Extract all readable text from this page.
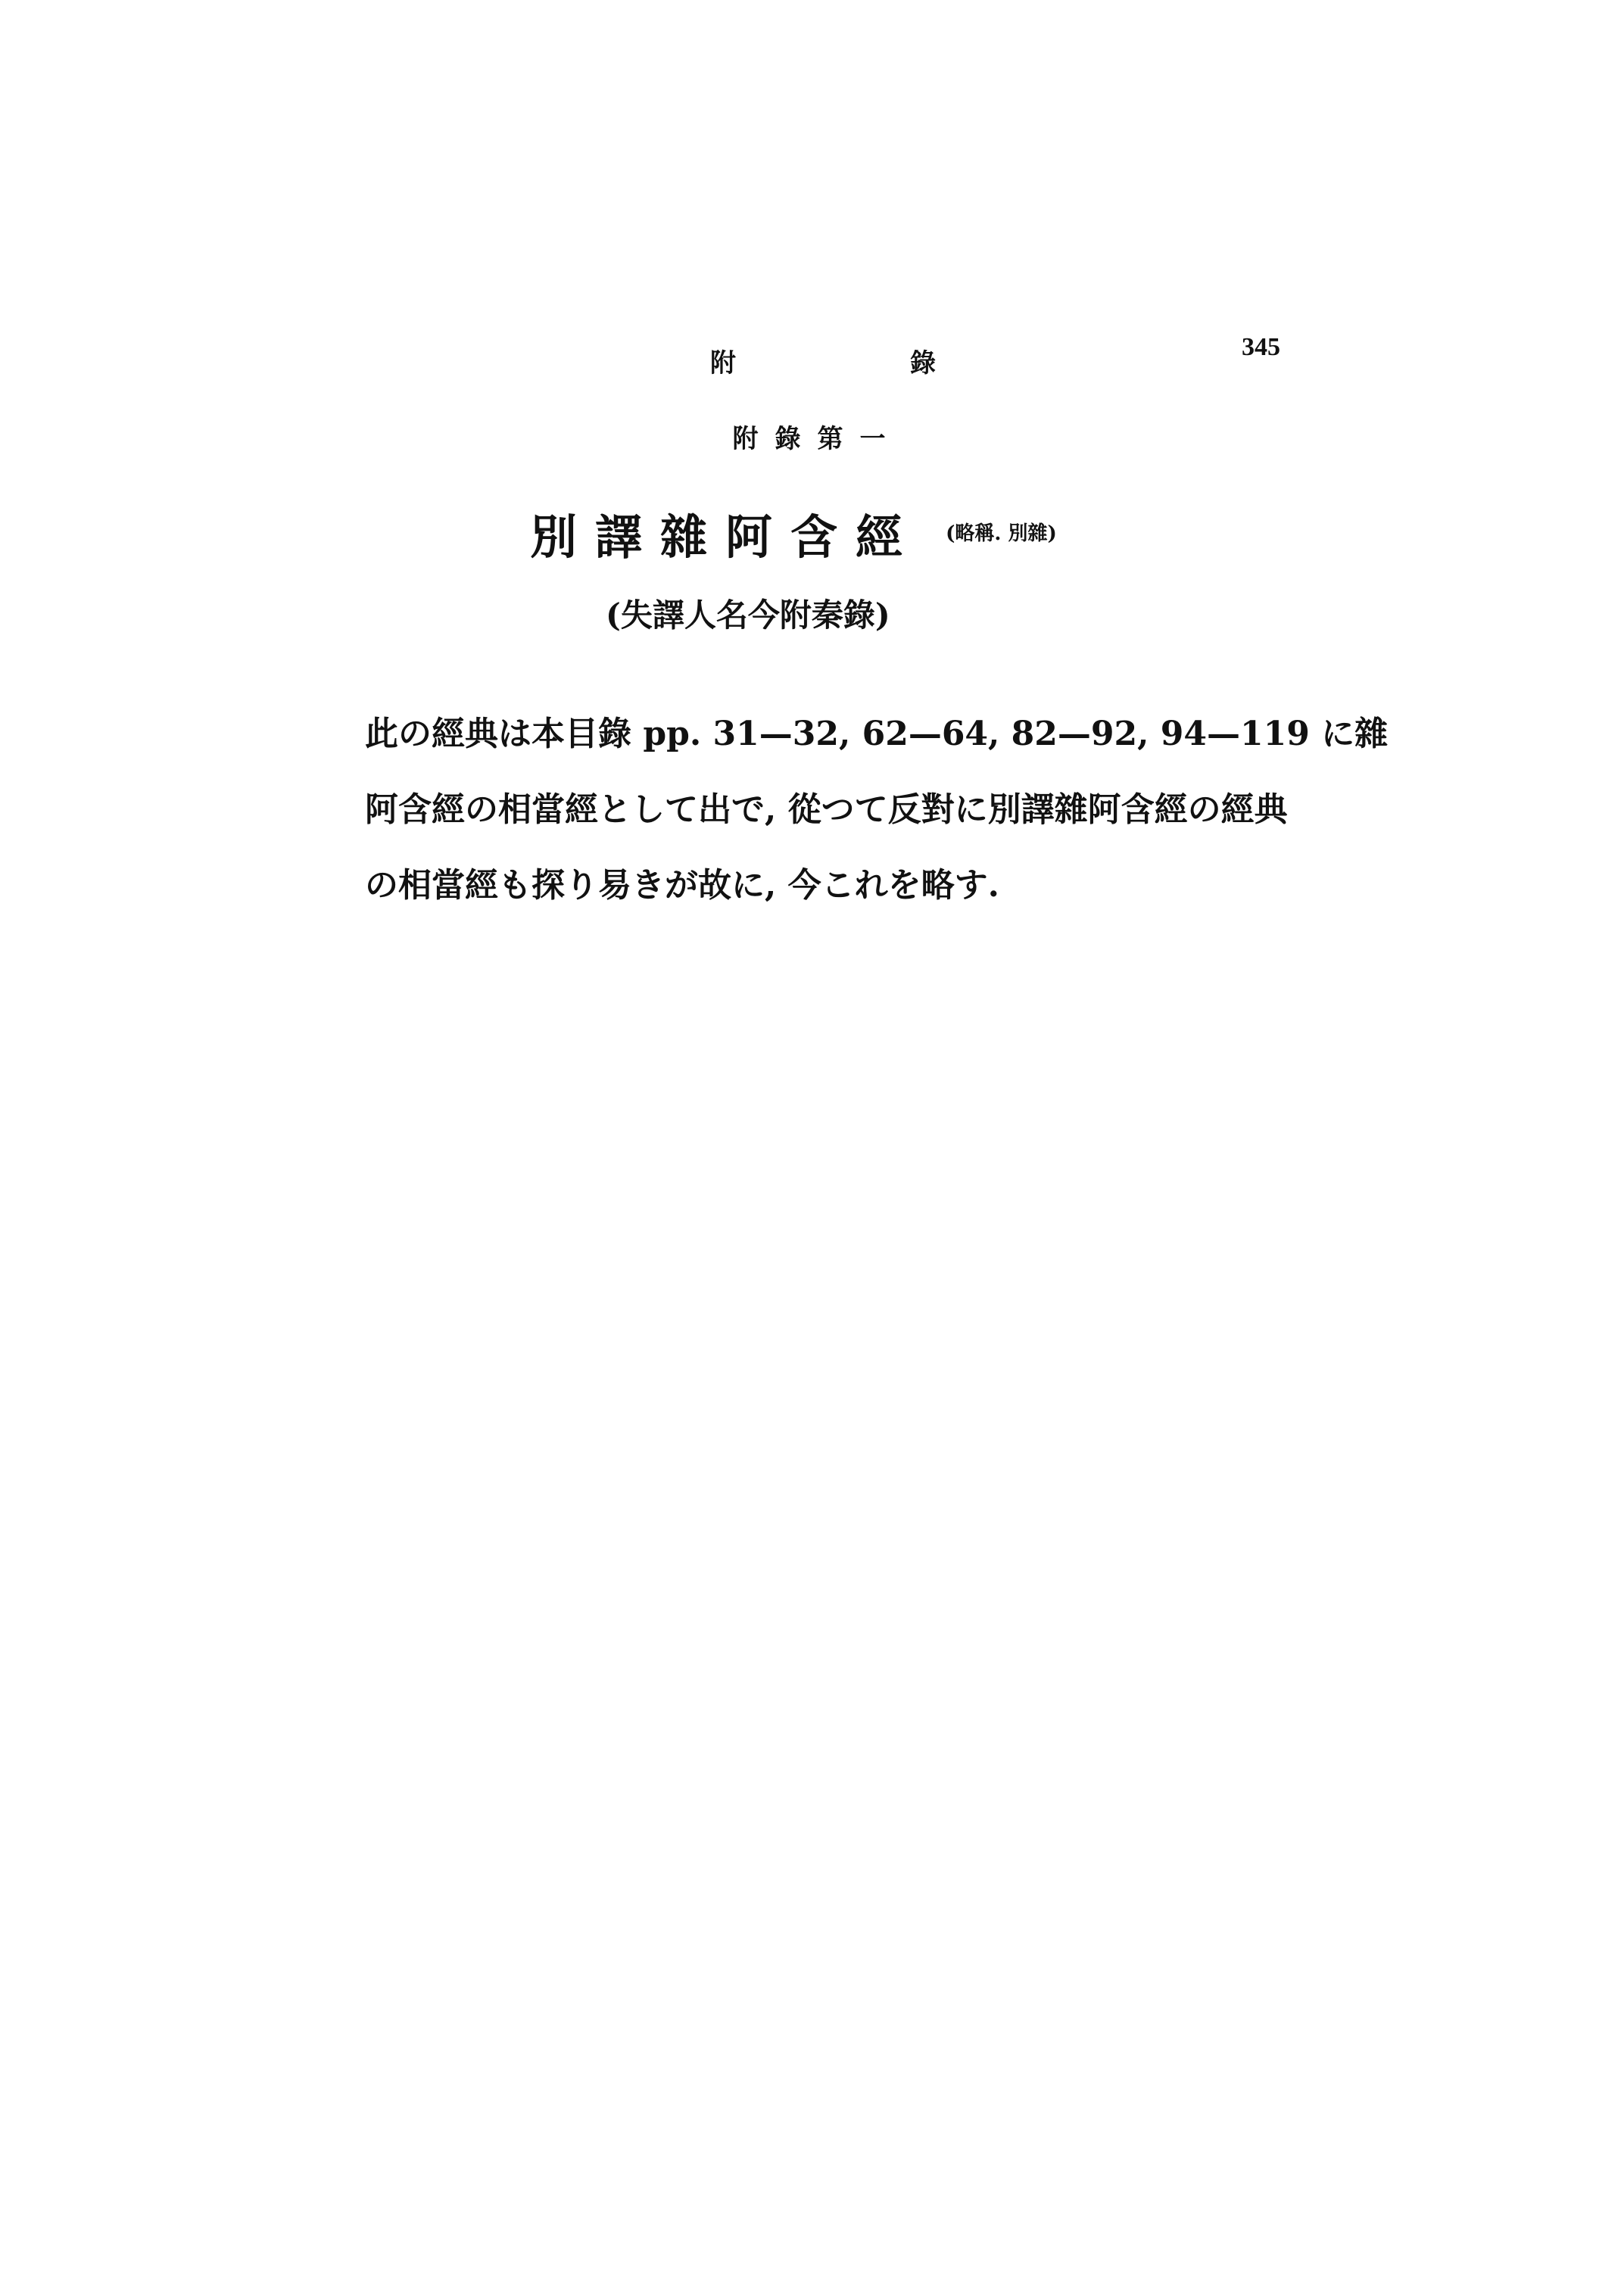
附	錄
345
附錄第一
別譯雜阿含經 (略稱. 別雜)
(失譯人名今附秦錄)
此の經典は本目錄 pp. 31—32, 62—64, 82—92, 94—119 に雜
阿含經の相當經として出で, 從つて反對に別譯雜阿含經の經典
の相當經も探り易きが故に, 今これを略す.
